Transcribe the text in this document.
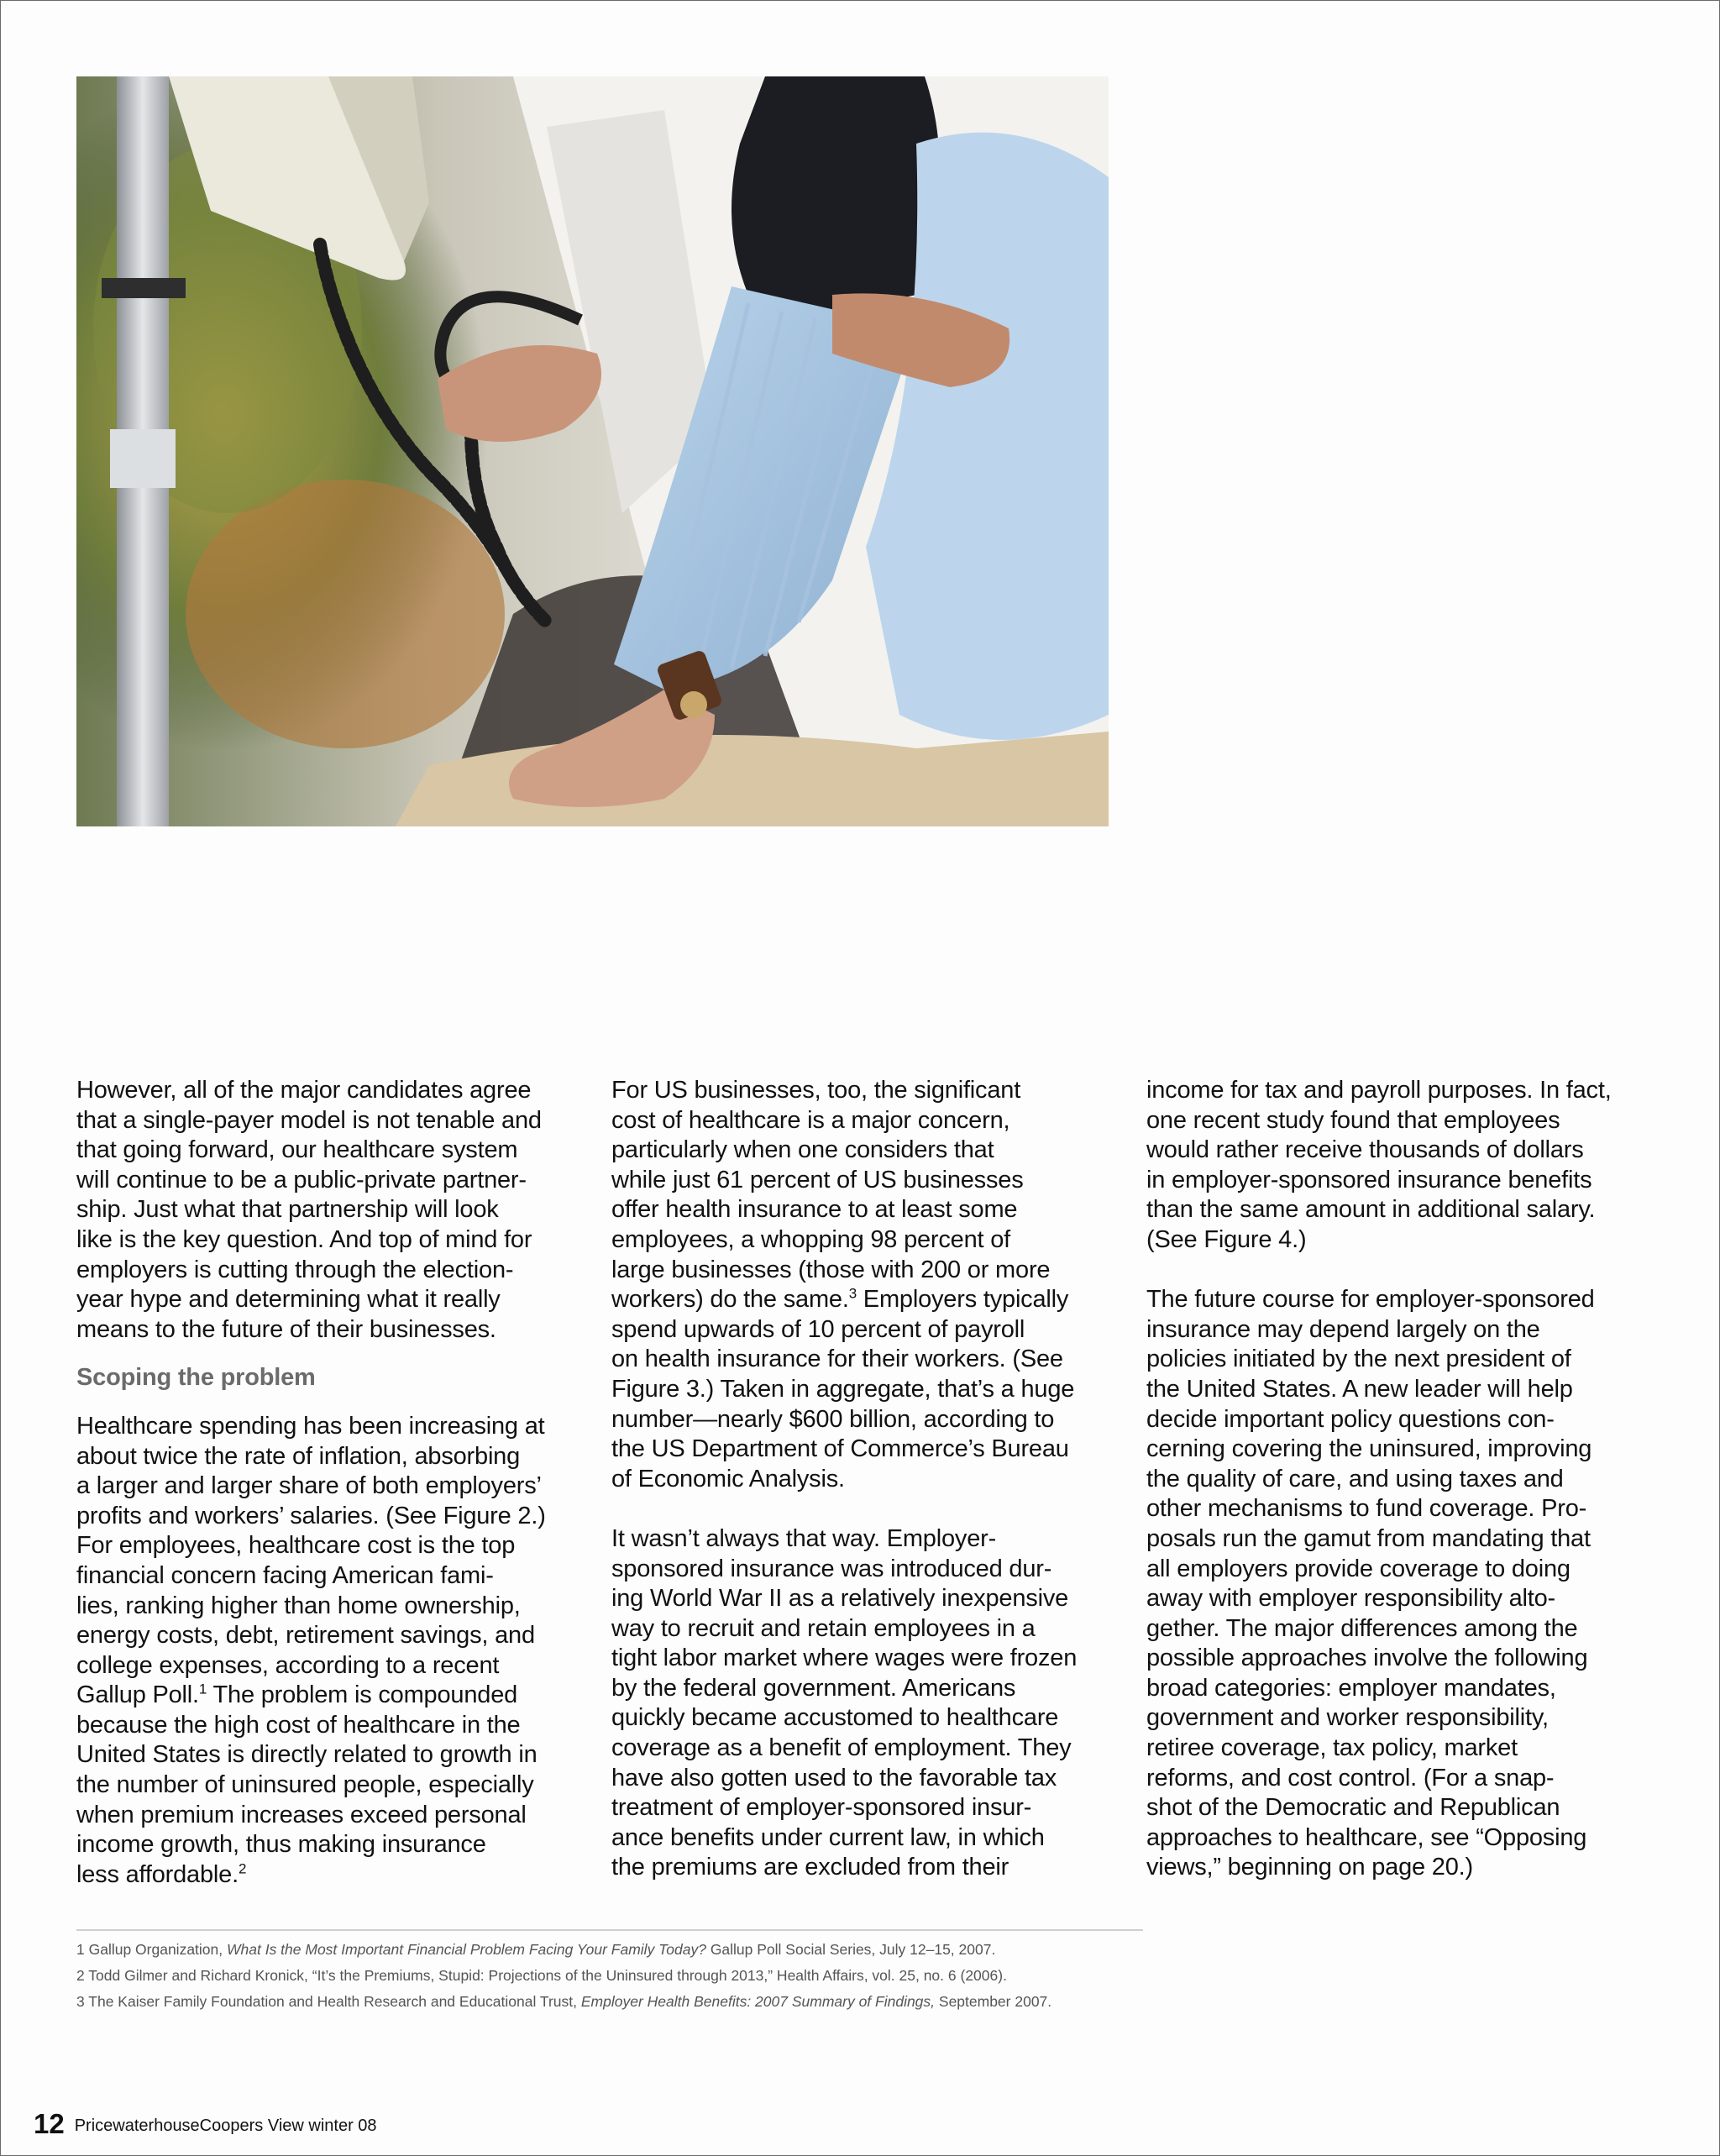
However, all of the major candidates agree
that a single-payer model is not tenable and
that going forward, our healthcare system
will continue to be a public-private partner-
ship. Just what that partnership will look
like is the key question. And top of mind for
employers is cutting through the election-
year hype and determining what it really
means to the future of their businesses.

Scoping the problem

Healthcare spending has been increasing at
about twice the rate of inflation, absorbing
a larger and larger share of both employers’
profits and workers’ salaries. (See Figure 2.)
For employees, healthcare cost is the top
financial concern facing American fami-
lies, ranking higher than home ownership,
energy costs, debt, retirement savings, and
college expenses, according to a recent
Gallup Poll.$^1$ The problem is compounded
because the high cost of healthcare in the
United States is directly related to growth in
the number of uninsured people, especially
when premium increases exceed personal
income growth, thus making insurance
less affordable.$^2$

For US businesses, too, the significant
cost of healthcare is a major concern,
particularly when one considers that
while just 61 percent of US businesses
offer health insurance to at least some
employees, a whopping 98 percent of
large businesses (those with 200 or more
workers) do the same.$^3$ Employers typically
spend upwards of 10 percent of payroll
on health insurance for their workers. (See
Figure 3.) Taken in aggregate, that’s a huge
number—nearly $600 billion, according to
the US Department of Commerce’s Bureau
of Economic Analysis.

It wasn’t always that way. Employer-
sponsored insurance was introduced dur-
ing World War II as a relatively inexpensive
way to recruit and retain employees in a
tight labor market where wages were frozen
by the federal government. Americans
quickly became accustomed to healthcare
coverage as a benefit of employment. They
have also gotten used to the favorable tax
treatment of employer-sponsored insur-
ance benefits under current law, in which
the premiums are excluded from their

income for tax and payroll purposes. In fact,
one recent study found that employees
would rather receive thousands of dollars
in employer-sponsored insurance benefits
than the same amount in additional salary.
(See Figure 4.)

The future course for employer-sponsored
insurance may depend largely on the
policies initiated by the next president of
the United States. A new leader will help
decide important policy questions con-
cerning covering the uninsured, improving
the quality of care, and using taxes and
other mechanisms to fund coverage. Pro-
posals run the gamut from mandating that
all employers provide coverage to doing
away with employer responsibility alto-
gether. The major differences among the
possible approaches involve the following
broad categories: employer mandates,
government and worker responsibility,
retiree coverage, tax policy, market
reforms, and cost control. (For a snap-
shot of the Democratic and Republican
approaches to healthcare, see “Opposing
views,” beginning on page 20.)

1 Gallup Organization, What Is the Most Important Financial Problem Facing Your Family Today? Gallup Poll Social Series, July 12–15, 2007.
2 Todd Gilmer and Richard Kronick, “It’s the Premiums, Stupid: Projections of the Uninsured through 2013,” Health Affairs, vol. 25, no. 6 (2006).
3 The Kaiser Family Foundation and Health Research and Educational Trust, Employer Health Benefits: 2007 Summary of Findings, September 2007.
12 PricewaterhouseCoopers View winter 08
